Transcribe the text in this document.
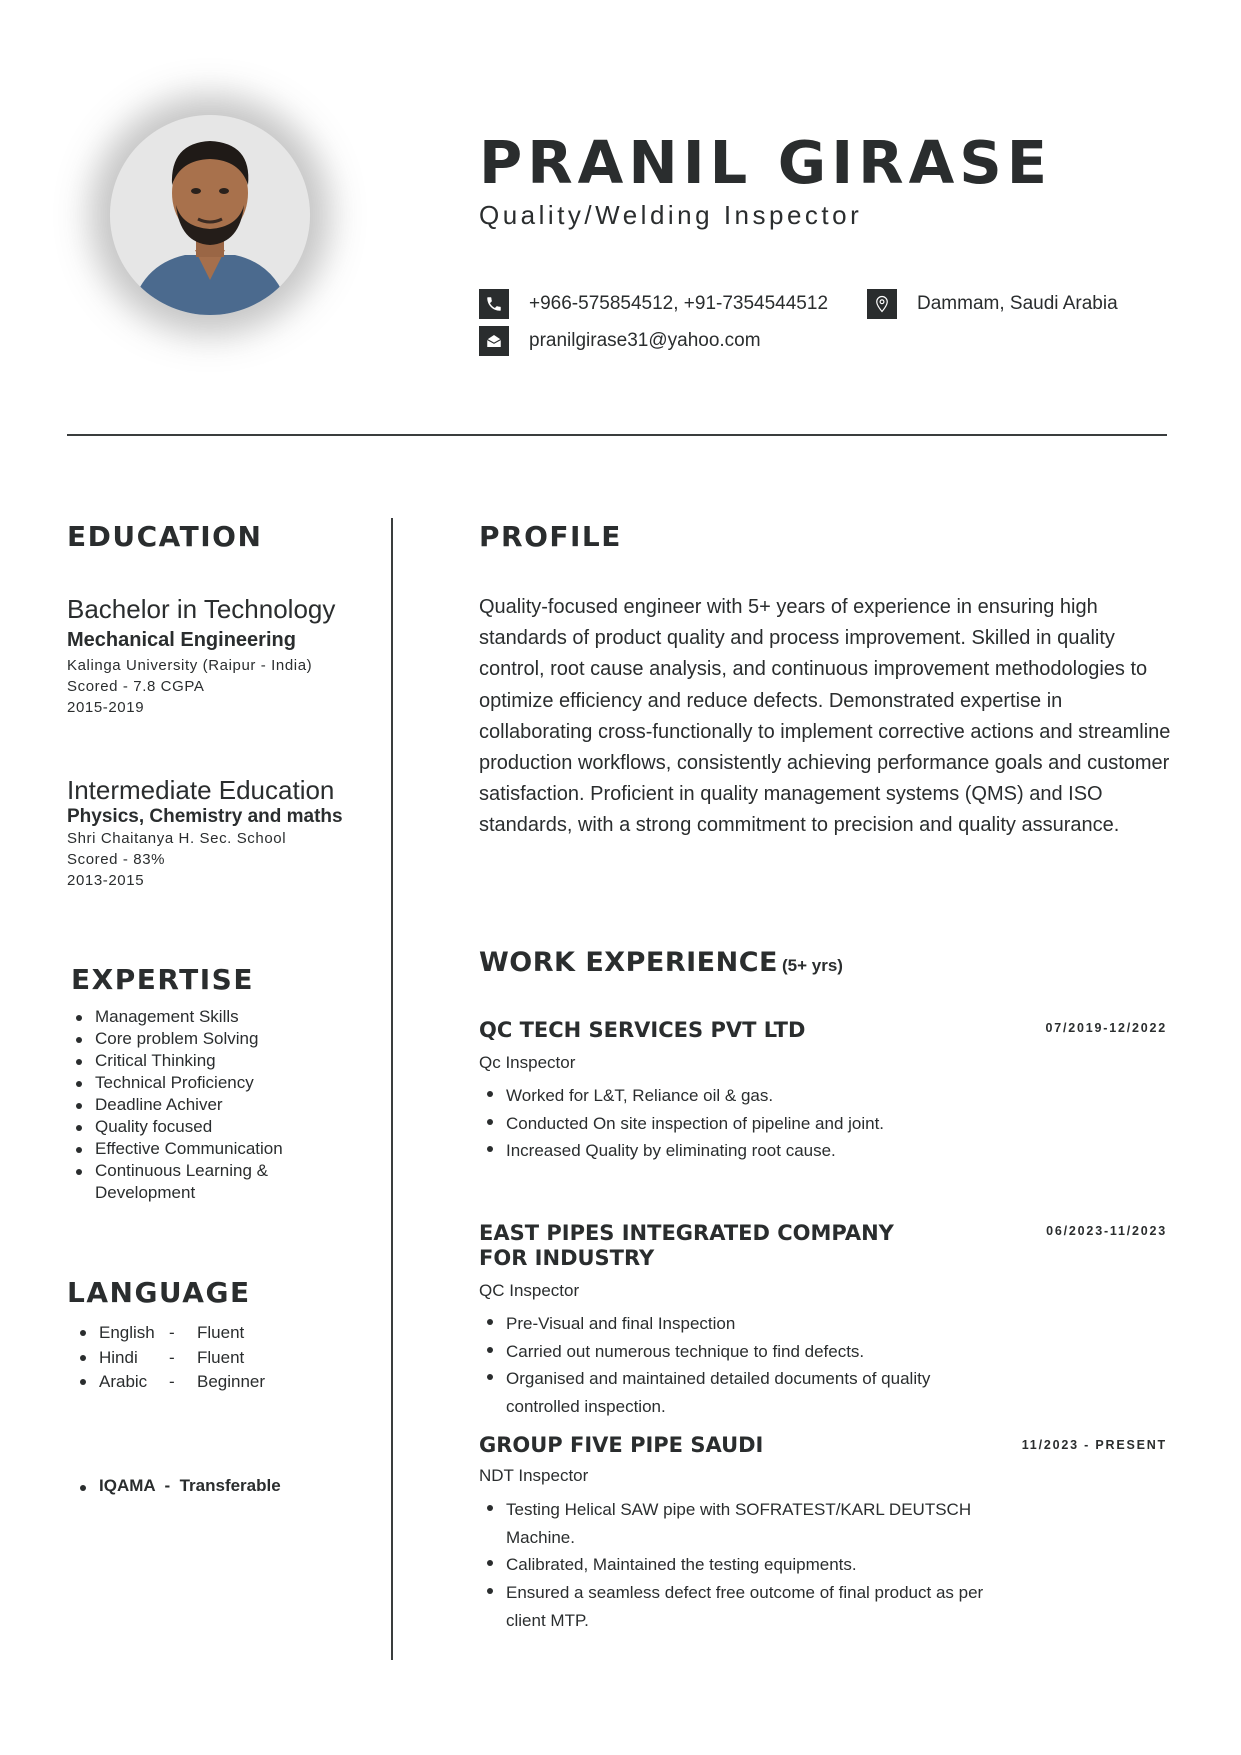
PRANIL GIRASE
Quality/Welding Inspector
+966-575854512, +91-7354544512	Dammam, Saudi Arabia
pranilgirase31@yahoo.com
EDUCATION
Bachelor in Technology
Mechanical Engineering
Kalinga University (Raipur - India)
Scored - 7.8 CGPA
2015-2019
Intermediate Education
Physics, Chemistry and maths
Shri Chaitanya H. Sec. School
Scored - 83%
2013-2015
EXPERTISE
Management Skills
Core problem Solving
Critical Thinking
Technical Proficiency
Deadline Achiver
Quality focused
Effective Communication
Continuous Learning & Development
LANGUAGE
English - Fluent
Hindi - Fluent
Arabic - Beginner
IQAMA  -  Transferable
PROFILE
Quality-focused engineer with 5+ years of experience in ensuring high standards of product quality and process improvement. Skilled in quality control, root cause analysis, and continuous improvement methodologies to optimize efficiency and reduce defects. Demonstrated expertise in collaborating cross-functionally to implement corrective actions and streamline production workflows, consistently achieving performance goals and customer satisfaction. Proficient in quality management systems (QMS) and ISO standards, with a strong commitment to precision and quality assurance.
WORK EXPERIENCE (5+ yrs)
QC TECH SERVICES PVT LTD	07/2019-12/2022
Qc Inspector
Worked for L&T, Reliance oil & gas.
Conducted On site inspection of pipeline and joint.
Increased Quality by eliminating root cause.
EAST PIPES INTEGRATED COMPANY FOR INDUSTRY
06/2023-11/2023
QC Inspector
Pre-Visual and final Inspection
Carried out numerous technique to find defects.
Organised and maintained detailed documents of quality controlled inspection.
GROUP FIVE PIPE SAUDI	11/2023 - PRESENT
NDT Inspector
Testing Helical SAW pipe with SOFRATEST/KARL DEUTSCH Machine.
Calibrated, Maintained the testing equipments.
Ensured a seamless defect free outcome of final product as per client MTP.
